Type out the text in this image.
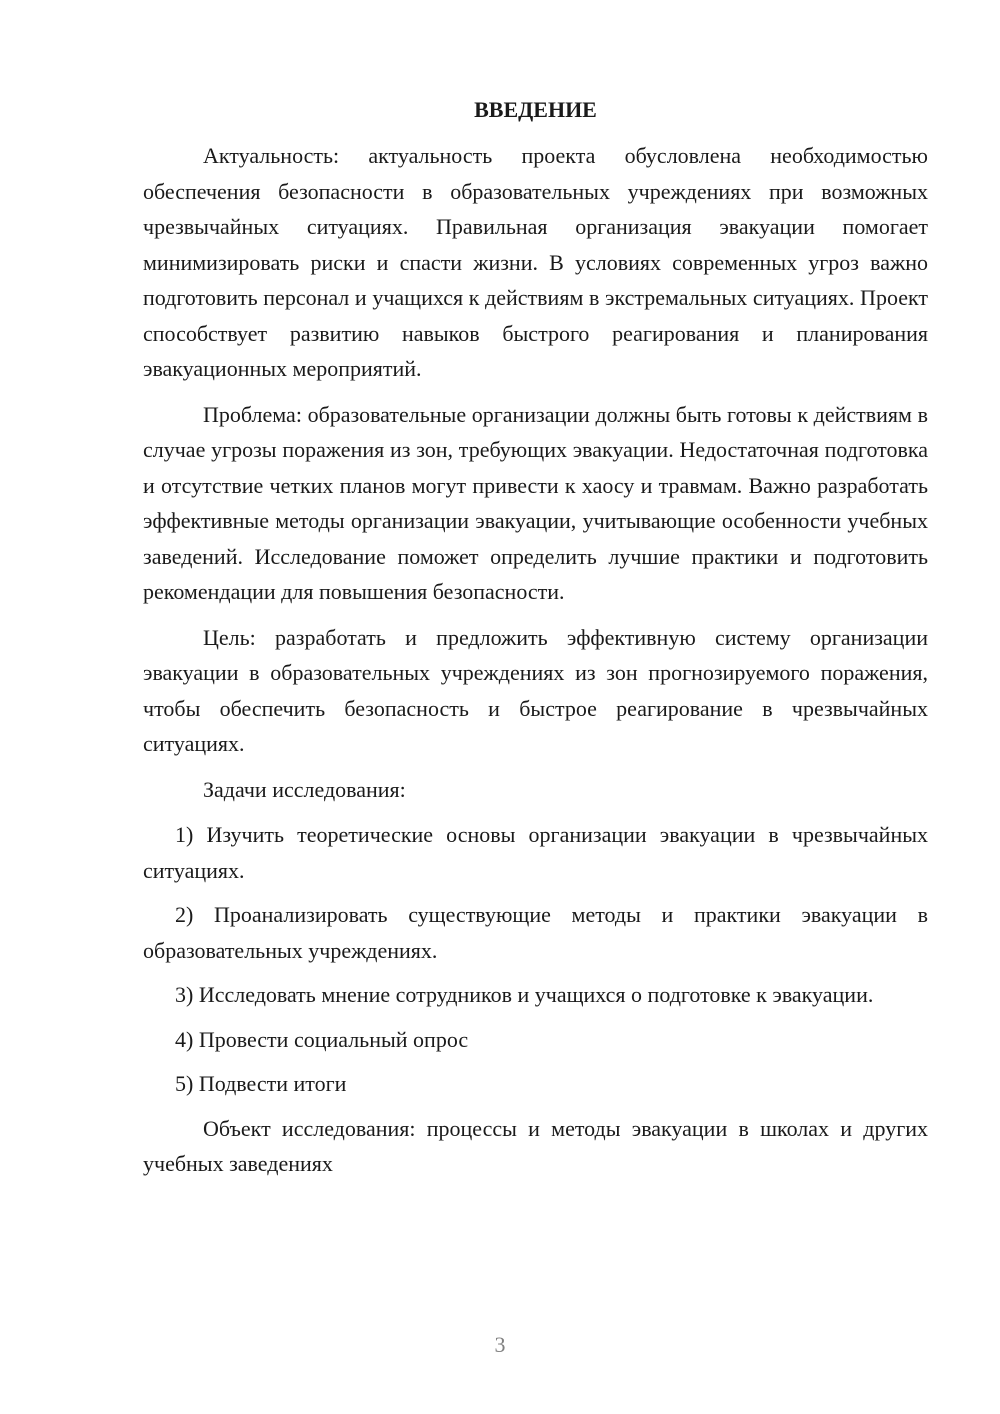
ВВЕДЕНИЕ

Актуальность: актуальность проекта обусловлена необходимостью обеспечения безопасности в образовательных учреждениях при возможных чрезвычайных ситуациях. Правильная организация эвакуации помогает минимизировать риски и спасти жизни. В условиях современных угроз важно подготовить персонал и учащихся к действиям в экстремальных ситуациях. Проект способствует развитию навыков быстрого реагирования и планирования эвакуационных мероприятий.

Проблема: образовательные организации должны быть готовы к действиям в случае угрозы поражения из зон, требующих эвакуации. Недостаточная подготовка и отсутствие четких планов могут привести к хаосу и травмам. Важно разработать эффективные методы организации эвакуации, учитывающие особенности учебных заведений. Исследование поможет определить лучшие практики и подготовить рекомендации для повышения безопасности.

Цель: разработать и предложить эффективную систему организации эвакуации в образовательных учреждениях из зон прогнозируемого поражения, чтобы обеспечить безопасность и быстрое реагирование в чрезвычайных ситуациях.

Задачи исследования:

1) Изучить теоретические основы организации эвакуации в чрезвычайных ситуациях.

2) Проанализировать существующие методы и практики эвакуации в образовательных учреждениях.

3) Исследовать мнение сотрудников и учащихся о подготовке к эвакуации.

4) Провести социальный опрос

5) Подвести итоги

Объект исследования: процессы и методы эвакуации в школах и других учебных заведениях

3
